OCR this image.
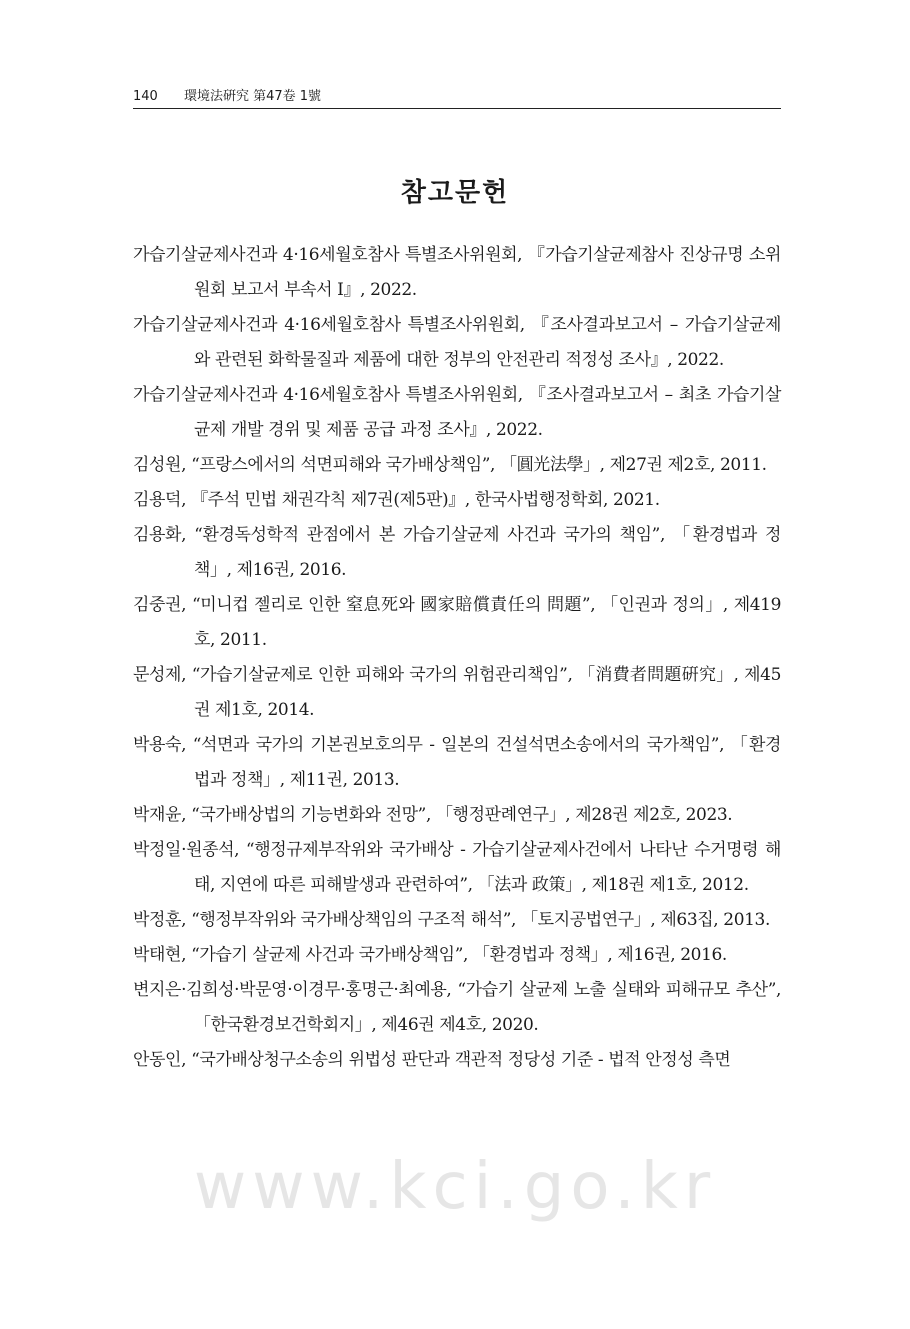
140 環境法硏究 第47卷 1號
참고문헌
가습기살균제사건과 4·16세월호참사 특별조사위원회, 『가습기살균제참사 진상규명 소위원회 보고서 부속서 Ⅰ』, 2022.
가습기살균제사건과 4·16세월호참사 특별조사위원회, 『조사결과보고서 – 가습기살균제와 관련된 화학물질과 제품에 대한 정부의 안전관리 적정성 조사』, 2022.
가습기살균제사건과 4·16세월호참사 특별조사위원회, 『조사결과보고서 – 최초 가습기살균제 개발 경위 및 제품 공급 과정 조사』, 2022.
김성원, “프랑스에서의 석면피해와 국가배상책임”, 「圓光法學」, 제27권 제2호, 2011.
김용덕, 『주석 민법 채권각칙 제7권(제5판)』, 한국사법행정학회, 2021.
김용화, “환경독성학적 관점에서 본 가습기살균제 사건과 국가의 책임”, 「환경법과 정책」, 제16권, 2016.
김중권, “미니컵 젤리로 인한 窒息死와 國家賠償責任의 問題”, 「인권과 정의」, 제419호, 2011.
문성제, “가습기살균제로 인한 피해와 국가의 위험관리책임”, 「消費者問題硏究」, 제45권 제1호, 2014.
박용숙, “석면과 국가의 기본권보호의무 - 일본의 건설석면소송에서의 국가책임”, 「환경법과 정책」, 제11권, 2013.
박재윤, “국가배상법의 기능변화와 전망”, 「행정판례연구」, 제28권 제2호, 2023.
박정일·원종석, “행정규제부작위와 국가배상 - 가습기살균제사건에서 나타난 수거명령 해태, 지연에 따른 피해발생과 관련하여”, 「法과 政策」, 제18권 제1호, 2012.
박정훈, “행정부작위와 국가배상책임의 구조적 해석”, 「토지공법연구」, 제63집, 2013.
박태현, “가습기 살균제 사건과 국가배상책임”, 「환경법과 정책」, 제16권, 2016.
변지은·김희성·박문영·이경무·홍명근·최예용, “가습기 살균제 노출 실태와 피해규모 추산”, 「한국환경보건학회지」, 제46권 제4호, 2020.
안동인, “국가배상청구소송의 위법성 판단과 객관적 정당성 기준 - 법적 안정성 측면
www.kci.go.kr
